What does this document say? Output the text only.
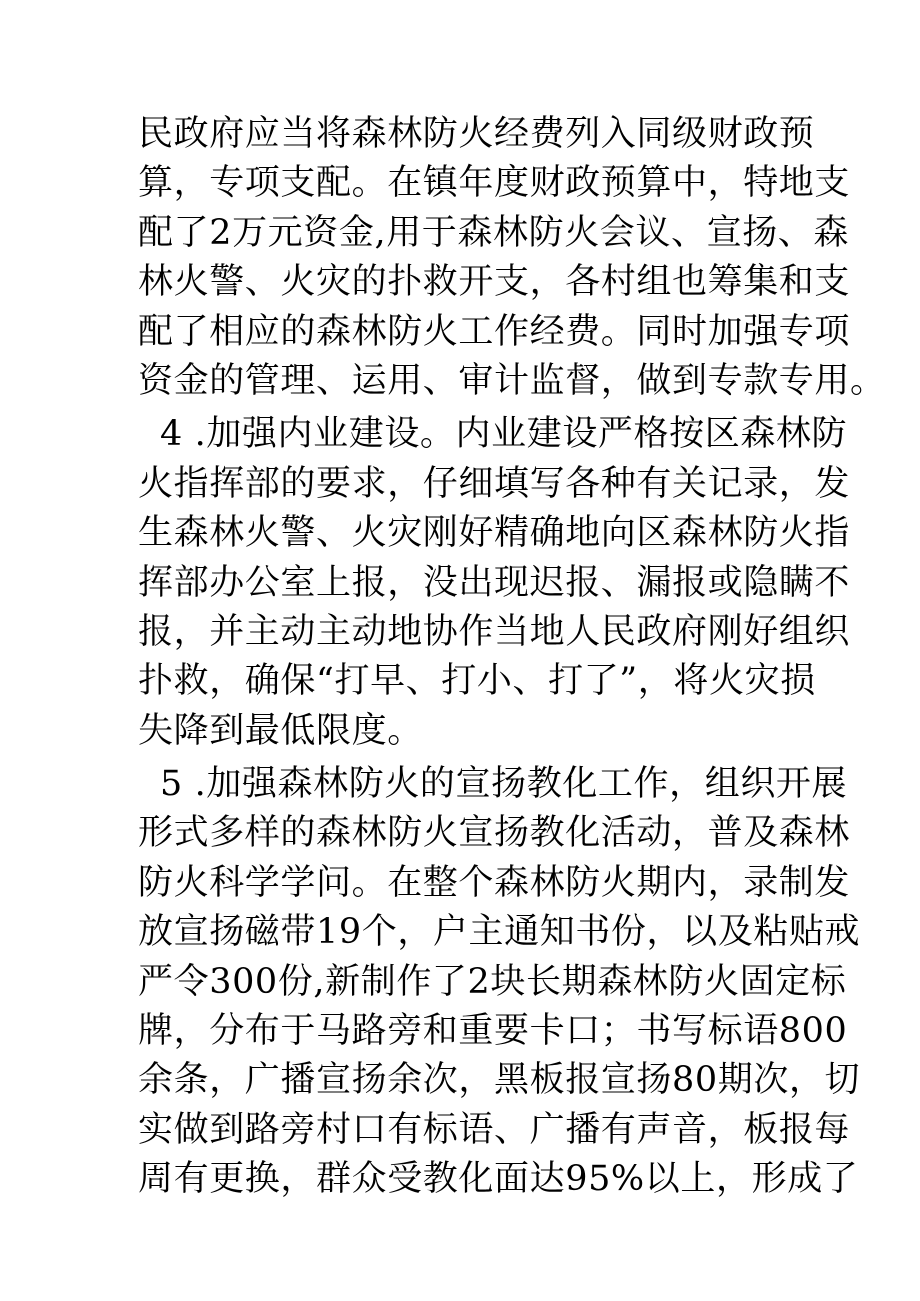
民政府应当将森林防火经费列入同级财政预
算，专项支配。在镇年度财政预算中，特地支
配了2万元资金,用于森林防火会议、宣扬、森
林火警、火灾的扑救开支，各村组也筹集和支
配了相应的森林防火工作经费。同时加强专项
资金的管理、运用、审计监督，做到专款专用。
4 .加强内业建设。内业建设严格按区森林防
火指挥部的要求，仔细填写各种有关记录，发
生森林火警、火灾刚好精确地向区森林防火指
挥部办公室上报，没出现迟报、漏报或隐瞒不
报，并主动主动地协作当地人民政府刚好组织
扑救，确保“打早、打小、打了”，将火灾损
失降到最低限度。
5 .加强森林防火的宣扬教化工作，组织开展
形式多样的森林防火宣扬教化活动，普及森林
防火科学学问。在整个森林防火期内，录制发
放宣扬磁带19个，户主通知书份，以及粘贴戒
严令300份,新制作了2块长期森林防火固定标
牌，分布于马路旁和重要卡口；书写标语800
余条，广播宣扬余次，黑板报宣扬80期次，切
实做到路旁村口有标语、广播有声音，板报每
周有更换，群众受教化面达95%以上，形成了
